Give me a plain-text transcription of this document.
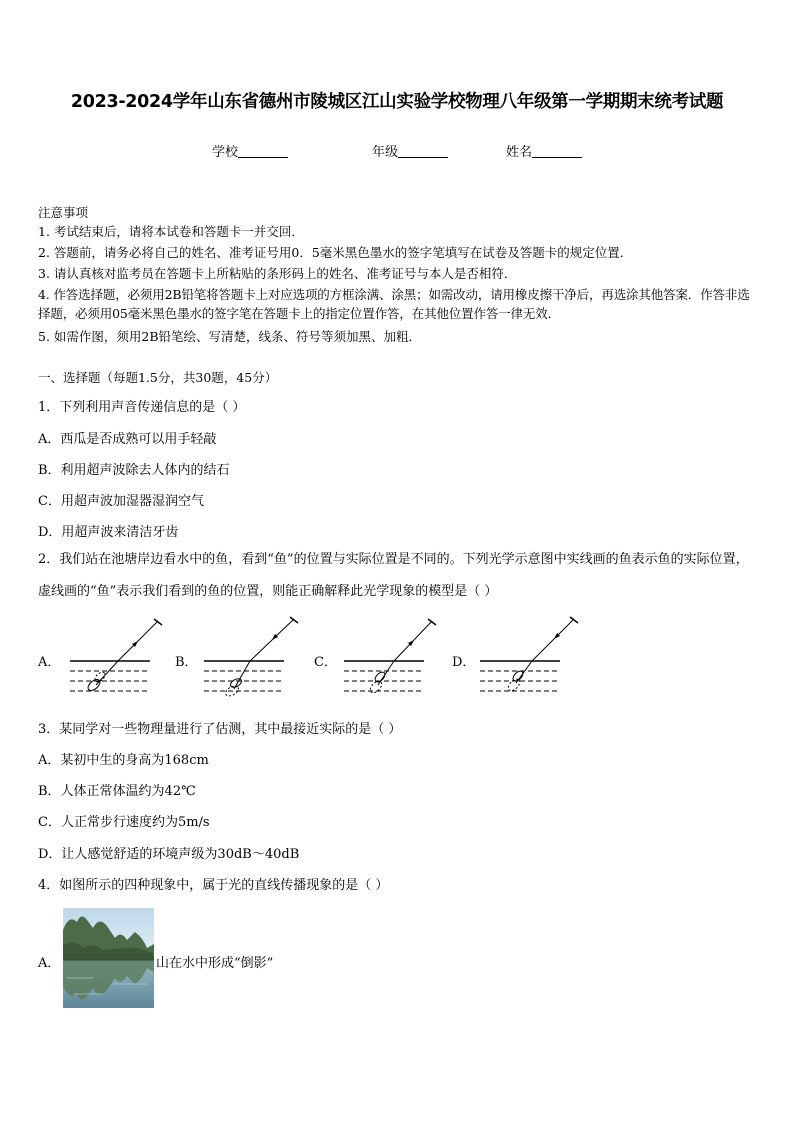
2023-2024学年山东省德州市陵城区江山实验学校物理八年级第一学期期末统考试题
学校	年级	姓名
注意事项
1. 考试结束后，请将本试卷和答题卡一并交回．
2. 答题前，请务必将自己的姓名、准考证号用0．5毫米黑色墨水的签字笔填写在试卷及答题卡的规定位置．
3. 请认真核对监考员在答题卡上所粘贴的条形码上的姓名、准考证号与本人是否相符．
4. 作答选择题，必须用2B铅笔将答题卡上对应选项的方框涂满、涂黑；如需改动，请用橡皮擦干净后，再选涂其他答案．作答非选择题，必须用05毫米黑色墨水的签字笔在答题卡上的指定位置作答，在其他位置作答一律无效．
5. 如需作图，须用2B铅笔绘、写清楚，线条、符号等须加黑、加粗．
一、选择题（每题1.5分，共30题，45分）
1．下列利用声音传递信息的是（ ）
A．西瓜是否成熟可以用手轻敲
B．利用超声波除去人体内的结石
C．用超声波加湿器湿润空气
D．用超声波来清洁牙齿
2．我们站在池塘岸边看水中的鱼，看到“鱼”的位置与实际位置是不同的。下列光学示意图中实线画的鱼表示鱼的实际位置，虚线画的“鱼”表示我们看到的鱼的位置，则能正确解释此光学现象的模型是（ ）
A．	B．	C．	D．
3．某同学对一些物理量进行了估测，其中最接近实际的是（ ）
A．某初中生的身高为168cm
B．人体正常体温约为42℃
C．人正常步行速度约为5m/s
D．让人感觉舒适的环境声级为30dB～40dB
4．如图所示的四种现象中，属于光的直线传播现象的是（ ）
A．	山在水中形成“倒影”
